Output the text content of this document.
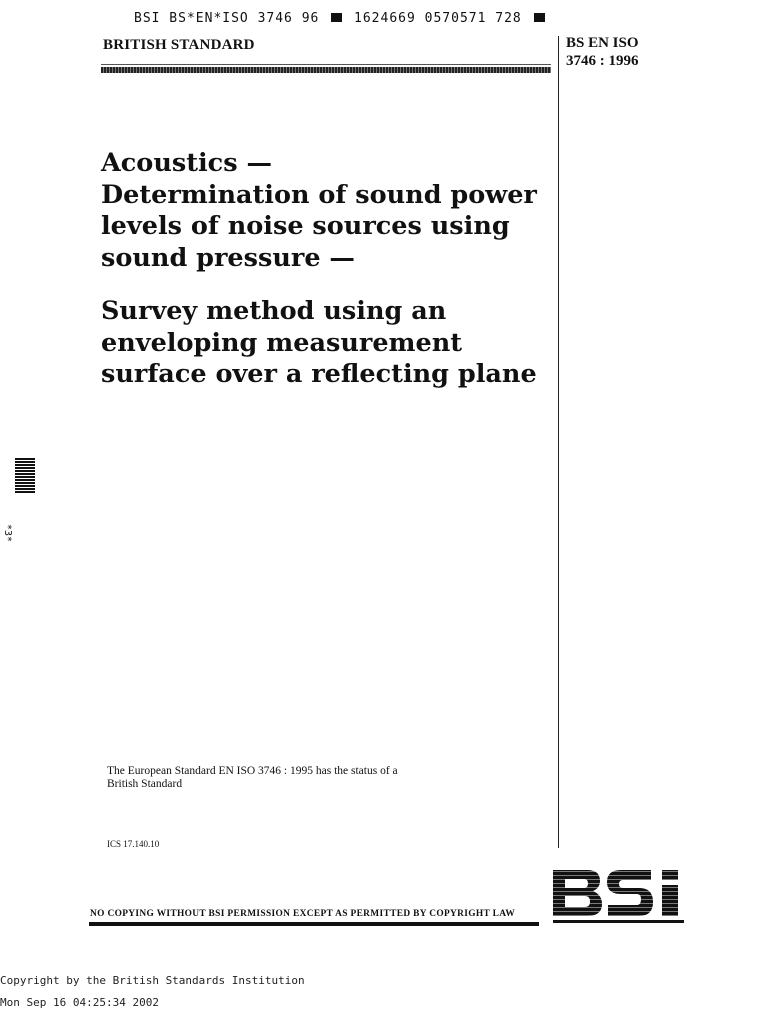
BSI BS*EN*ISO 3746 96	1624669 0570571 728
BRITISH STANDARD	BS EN ISO
3746 : 1996
Acoustics —
Determination of sound power
levels of noise sources using
sound pressure —
Survey method using an
enveloping measurement
surface over a reflecting plane
*3*
The European Standard EN ISO 3746 : 1995 has the status of a
British Standard
ICS 17.140.10
NO COPYING WITHOUT BSI PERMISSION EXCEPT AS PERMITTED BY COPYRIGHT LAW
Copyright by the British Standards Institution
Mon Sep 16 04:25:34 2002
